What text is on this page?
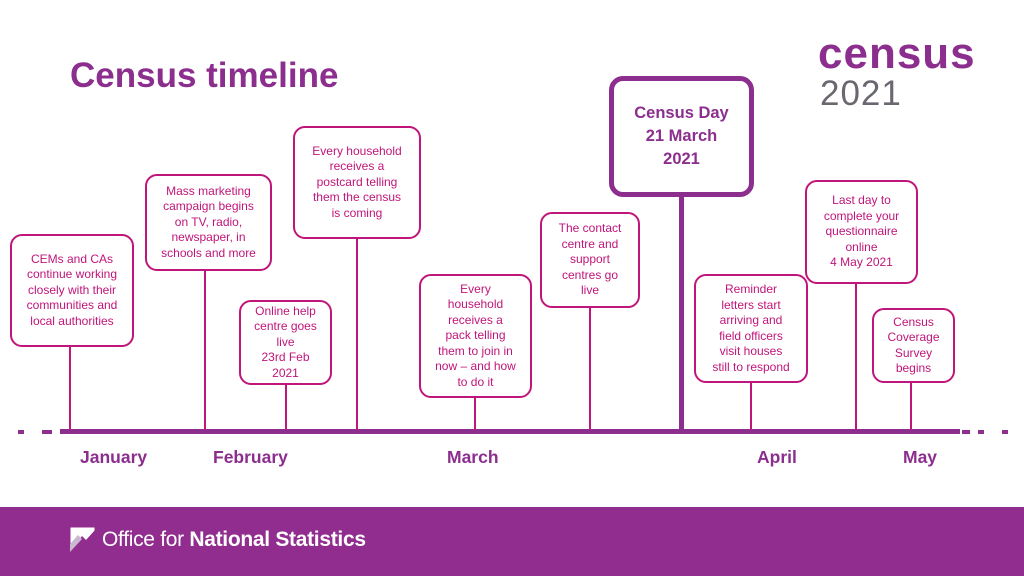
Census timeline	census
2021
CEMs and CAs
continue working
closely with their
communities and
local authorities
Mass marketing
campaign begins
on TV, radio,
newspaper, in
schools and more
Online help
centre goes
live
23rd Feb
2021
Every household
receives a
postcard telling
them the census
is coming
Every
household
receives a
pack telling
them to join in
now – and how
to do it
The contact
centre and
support
centres go
live
Census Day
21 March
2021
Reminder
letters start
arriving and
field officers
visit houses
still to respond
Last day to
complete your
questionnaire
online
4 May 2021
Census
Coverage
Survey
begins
January	February	March	April	May
Office for National Statistics
